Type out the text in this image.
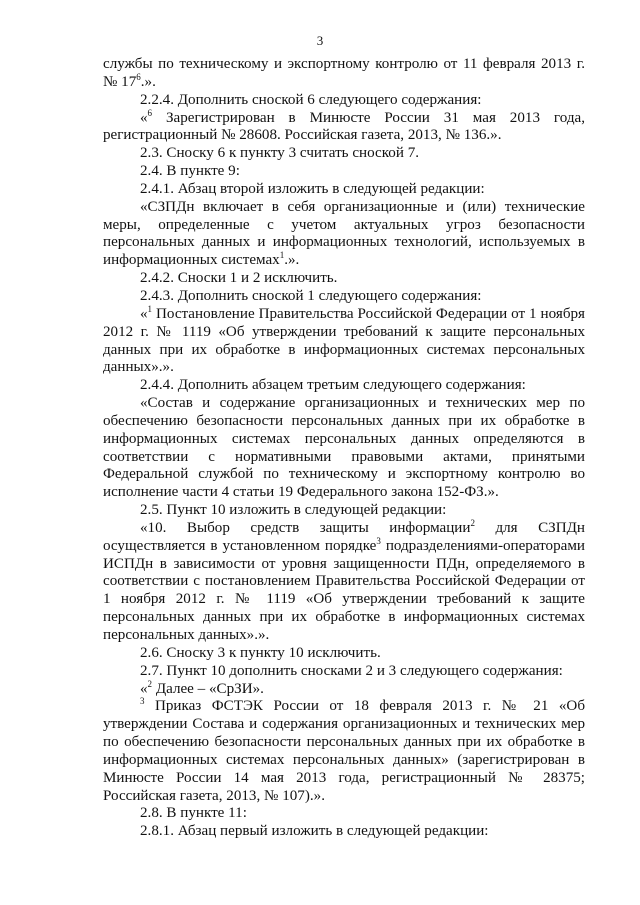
3

службы по техническому и экспортному контролю от 11 февраля 2013 г. № $17^6$.».

2.2.4. Дополнить сноской 6 следующего содержания:

«$^6$ Зарегистрирован в Минюсте России 31 мая 2013 года, регистрационный № 28608. Российская газета, 2013, № 136.».

2.3. Сноску 6 к пункту 3 считать сноской 7.

2.4. В пункте 9:

2.4.1. Абзац второй изложить в следующей редакции:

«СЗПДн включает в себя организационные и (или) технические меры, определенные с учетом актуальных угроз безопасности персональных данных и информационных технологий, используемых в информационных системах$^1$.».

2.4.2. Сноски 1 и 2 исключить.

2.4.3. Дополнить сноской 1 следующего содержания:

«$^1$ Постановление Правительства Российской Федерации от 1 ноября 2012 г. № 1119 «Об утверждении требований к защите персональных данных при их обработке в информационных системах персональных данных».».

2.4.4. Дополнить абзацем третьим следующего содержания:

«Состав и содержание организационных и технических мер по обеспечению безопасности персональных данных при их обработке в информационных системах персональных данных определяются в соответствии с нормативными правовыми актами, принятыми Федеральной службой по техническому и экспортному контролю во исполнение части 4 статьи 19 Федерального закона 152-ФЗ.».

2.5. Пункт 10 изложить в следующей редакции:

«10. Выбор средств защиты информации$^2$ для СЗПДн осуществляется в установленном порядке$^3$ подразделениями-операторами ИСПДн в зависимости от уровня защищенности ПДн, определяемого в соответствии с постановлением Правительства Российской Федерации от 1 ноября 2012 г. № 1119 «Об утверждении требований к защите персональных данных при их обработке в информационных системах персональных данных».».

2.6. Сноску 3 к пункту 10 исключить.

2.7. Пункт 10 дополнить сносками 2 и 3 следующего содержания:

«$^2$ Далее – «СрЗИ».

$^3$ Приказ ФСТЭК России от 18 февраля 2013 г. № 21 «Об утверждении Состава и содержания организационных и технических мер по обеспечению безопасности персональных данных при их обработке в информационных системах персональных данных» (зарегистрирован в Минюсте России 14 мая 2013 года, регистрационный № 28375; Российская газета, 2013, № 107).».

2.8. В пункте 11:

2.8.1. Абзац первый изложить в следующей редакции:
